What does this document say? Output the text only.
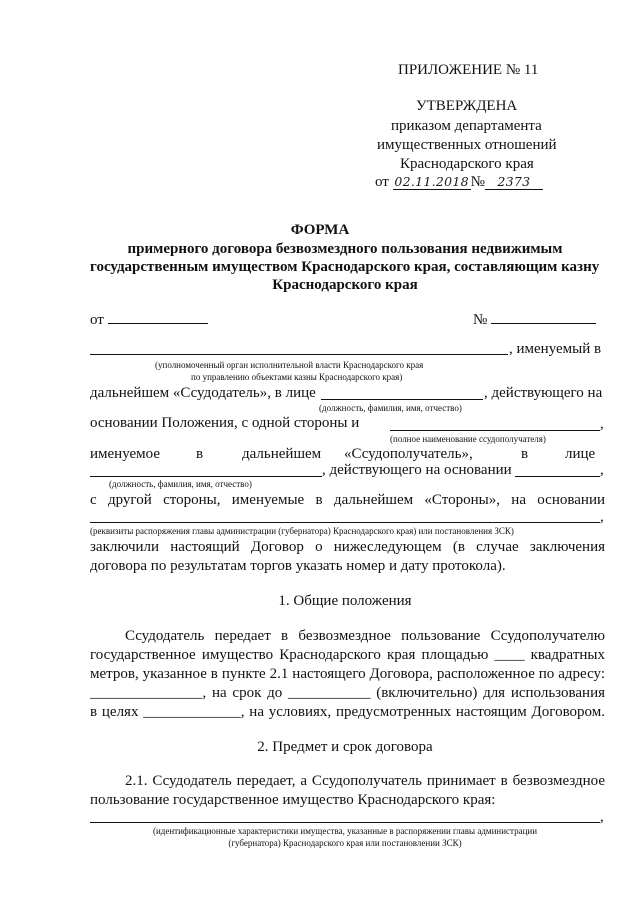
ПРИЛОЖЕНИЕ № 11
УТВЕРЖДЕНА
приказом департамента
имущественных отношений
Краснодарского края
от 02.11.2018 № 2373
ФОРМА
примерного договора безвозмездного пользования недвижимым
государственным имуществом Краснодарского края, составляющим казну
Краснодарского края
от	№
, именуемый в
(уполномоченный орган исполнительной власти Краснодарского края
по управлению объектами казны Краснодарского края)
дальнейшем «Ссудодатель», в лице	, действующего на
(должность, фамилия, имя, отчество)
основании Положения, с одной стороны и	,
(полное наименование ссудополучателя)
именуемое в	дальнейшем «Ссудополучатель»,	в лице
, действующего на основании	,
(должность, фамилия, имя, отчество)
с другой стороны, именуемые в дальнейшем «Стороны», на основании
,
(реквизиты распоряжения главы администрации (губернатора) Краснодарского края) или постановления ЗСК)
заключили настоящий Договор о нижеследующем (в случае заключения
договора по результатам торгов указать номер и дату протокола).
1. Общие положения
Ссудодатель передает в безвозмездное пользование Ссудополучателю
государственное имущество Краснодарского края площадью ____ квадратных
метров, указанное в пункте 2.1 настоящего Договора, расположенное по адресу:
_______________, на срок до ___________ (включительно) для использования
в целях _____________, на условиях, предусмотренных настоящим Договором.
2. Предмет и срок договора
2.1. Ссудодатель передает, а Ссудополучатель принимает в безвозмездное
пользование государственное имущество Краснодарского края:
,
(идентификационные характеристики имущества, указанные в распоряжении главы администрации
(губернатора) Краснодарского края или постановлении ЗСК)
